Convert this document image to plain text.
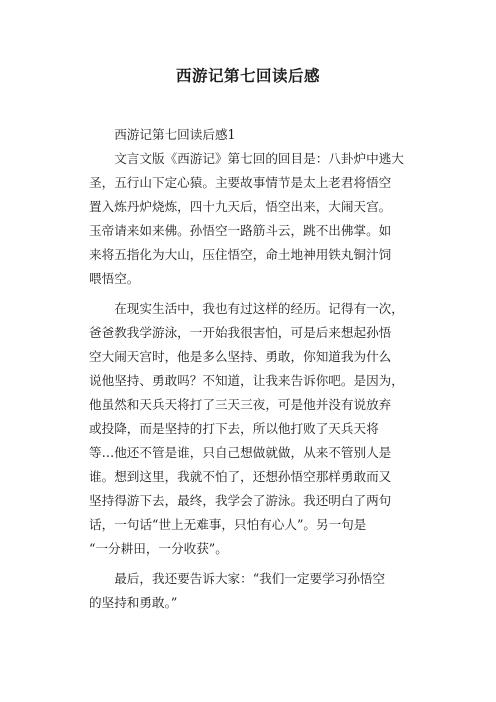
西游记第七回读后感
　　西游记第七回读后感1
　　文言文版《西游记》第七回的回目是：八卦炉中逃大
圣，五行山下定心猿。主要故事情节是太上老君将悟空
置入炼丹炉烧炼，四十九天后，悟空出来，大闹天宫。
玉帝请来如来佛。孙悟空一路筋斗云，跳不出佛掌。如
来将五指化为大山，压住悟空，命土地神用铁丸铜汁饲
喂悟空。
　　在现实生活中，我也有过这样的经历。记得有一次，
爸爸教我学游泳，一开始我很害怕，可是后来想起孙悟
空大闹天宫时，他是多么坚持、勇敢，你知道我为什么
说他坚持、勇敢吗？不知道，让我来告诉你吧。是因为，
他虽然和天兵天将打了三天三夜，可是他并没有说放弃
或投降，而是坚持的打下去，所以他打败了天兵天将
等…他还不管是谁，只自己想做就做，从来不管别人是
谁。想到这里，我就不怕了，还想孙悟空那样勇敢而又
坚持得游下去，最终，我学会了游泳。我还明白了两句
话，一句话“世上无难事，只怕有心人”。另一句是
“一分耕田，一分收获”。
　　最后，我还要告诉大家：“我们一定要学习孙悟空
的坚持和勇敢。”
